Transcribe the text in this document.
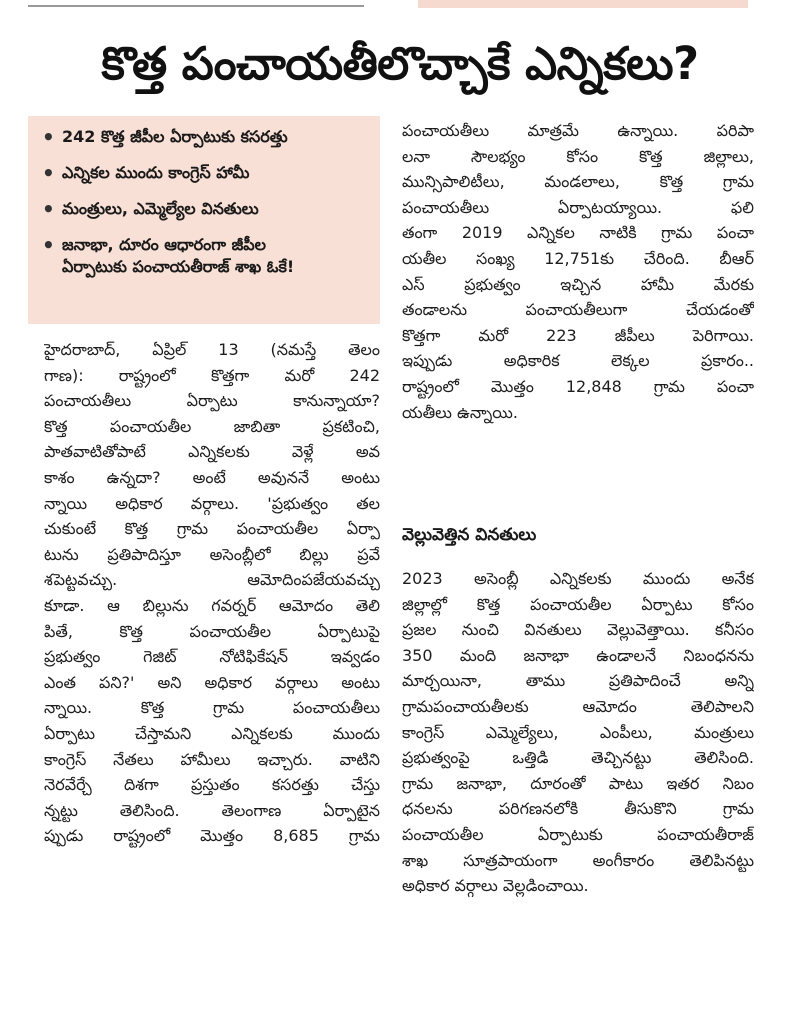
కొత్త పంచాయతీలొచ్చాకే ఎన్నికలు?
• 242 కొత్త జీపీల ఏర్పాటుకు కసరత్తు
• ఎన్నికల ముందు కాంగ్రెస్ హామీ
• మంత్రులు, ఎమ్మెల్యేల వినతులు
• జనాభా, దూరం ఆధారంగా జీపీల
ఏర్పాటుకు పంచాయతీరాజ్ శాఖ ఓకే!
హైదరాబాద్, ఏప్రిల్ 13 (నమస్తే తెలం
గాణ): రాష్ట్రంలో కొత్తగా మరో 242
పంచాయతీలు ఏర్పాటు కానున్నాయా?
కొత్త పంచాయతీల జాబితా ప్రకటించి,
పాతవాటితోపాటే ఎన్నికలకు వెళ్లే అవ
కాశం ఉన్నదా? అంటే అవుననే అంటు
న్నాయి అధికార వర్గాలు. 'ప్రభుత్వం తల
చుకుంటే కొత్త గ్రామ పంచాయతీల ఏర్పా
టును ప్రతిపాదిస్తూ అసెంబ్లీలో బిల్లు ప్రవే
శపెట్టవచ్చు. ఆమోదింపజేయవచ్చు
కూడా. ఆ బిల్లును గవర్నర్ ఆమోదం తెలి
పితే, కొత్త పంచాయతీల ఏర్పాటుపై
ప్రభుత్వం గెజిట్ నోటిఫికేషన్ ఇవ్వడం
ఎంత పని?' అని అధికార వర్గాలు అంటు
న్నాయి. కొత్త గ్రామ పంచాయతీలు
ఏర్పాటు చేస్తామని ఎన్నికలకు ముందు
కాంగ్రెస్ నేతలు హామీలు ఇచ్చారు. వాటిని
నెరవేర్చే దిశగా ప్రస్తుతం కసరత్తు చేస్తు
న్నట్టు తెలిసింది. తెలంగాణ ఏర్పాటైన
ప్పుడు రాష్ట్రంలో మొత్తం 8,685 గ్రామ
పంచాయతీలు మాత్రమే ఉన్నాయి. పరిపా
లనా సౌలభ్యం కోసం కొత్త జిల్లాలు,
మున్సిపాలిటీలు, మండలాలు, కొత్త గ్రామ
పంచాయతీలు ఏర్పాటయ్యాయి. ఫలి
తంగా 2019 ఎన్నికల నాటికి గ్రామ పంచా
యతీల సంఖ్య 12,751కు చేరింది. బీఆర్
ఎస్ ప్రభుత్వం ఇచ్చిన హామీ మేరకు
తండాలను పంచాయతీలుగా చేయడంతో
కొత్తగా మరో 223 జీపీలు పెరిగాయి.
ఇప్పుడు అధికారిక లెక్కల ప్రకారం..
రాష్ట్రంలో మొత్తం 12,848 గ్రామ పంచా
యతీలు ఉన్నాయి.
వెల్లువెత్తిన వినతులు
2023 అసెంబ్లీ ఎన్నికలకు ముందు అనేక
జిల్లాల్లో కొత్త పంచాయతీల ఏర్పాటు కోసం
ప్రజల నుంచి వినతులు వెల్లువెత్తాయి. కనీసం
350 మంది జనాభా ఉండాలనే నిబంధనను
మార్చయినా, తాము ప్రతిపాదించే అన్ని
గ్రామపంచాయతీలకు ఆమోదం తెలిపాలని
కాంగ్రెస్ ఎమ్మెల్యేలు, ఎంపీలు, మంత్రులు
ప్రభుత్వంపై ఒత్తిడి తెచ్చినట్టు తెలిసింది.
గ్రామ జనాభా, దూరంతో పాటు ఇతర నిబం
ధనలను పరిగణనలోకి తీసుకొని గ్రామ
పంచాయతీల ఏర్పాటుకు పంచాయతీరాజ్
శాఖ సూత్రపాయంగా అంగీకారం తెలిపినట్టు
అధికార వర్గాలు వెల్లడించాయి.
